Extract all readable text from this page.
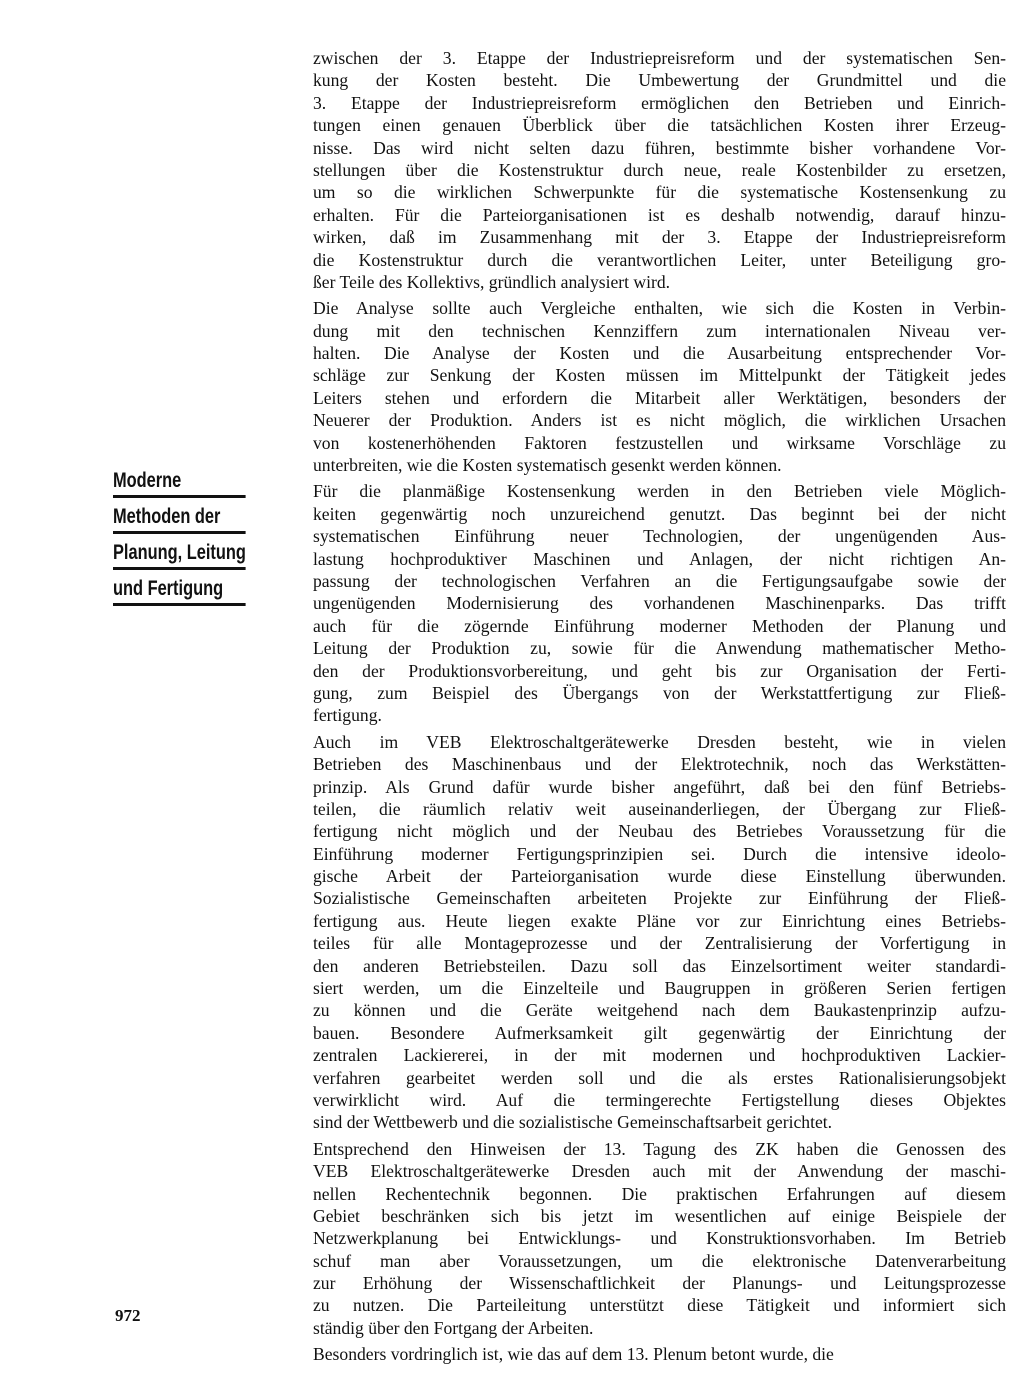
Moderne
Methoden der
Planung, Leitung
und Fertigung
zwischen der 3. Etappe der Industriepreisreform und der systematischen Sen-
kung der Kosten besteht. Die Umbewertung der Grundmittel und die
3. Etappe der Industriepreisreform ermöglichen den Betrieben und Einrich-
tungen einen genauen Überblick über die tatsächlichen Kosten ihrer Erzeug-
nisse. Das wird nicht selten dazu führen, bestimmte bisher vorhandene Vor-
stellungen über die Kostenstruktur durch neue, reale Kostenbilder zu ersetzen,
um so die wirklichen Schwerpunkte für die systematische Kostensenkung zu
erhalten. Für die Parteiorganisationen ist es deshalb notwendig, darauf hinzu-
wirken, daß im Zusammenhang mit der 3. Etappe der Industriepreisreform
die Kostenstruktur durch die verantwortlichen Leiter, unter Beteiligung gro-
ßer Teile des Kollektivs, gründlich analysiert wird.
Die Analyse sollte auch Vergleiche enthalten, wie sich die Kosten in Verbin-
dung mit den technischen Kennziffern zum internationalen Niveau ver-
halten. Die Analyse der Kosten und die Ausarbeitung entsprechender Vor-
schläge zur Senkung der Kosten müssen im Mittelpunkt der Tätigkeit jedes
Leiters stehen und erfordern die Mitarbeit aller Werktätigen, besonders der
Neuerer der Produktion. Anders ist es nicht möglich, die wirklichen Ursachen
von kostenerhöhenden Faktoren festzustellen und wirksame Vorschläge zu
unterbreiten, wie die Kosten systematisch gesenkt werden können.
Für die planmäßige Kostensenkung werden in den Betrieben viele Möglich-
keiten gegenwärtig noch unzureichend genutzt. Das beginnt bei der nicht
systematischen Einführung neuer Technologien, der ungenügenden Aus-
lastung hochproduktiver Maschinen und Anlagen, der nicht richtigen An-
passung der technologischen Verfahren an die Fertigungsaufgabe sowie der
ungenügenden Modernisierung des vorhandenen Maschinenparks. Das trifft
auch für die zögernde Einführung moderner Methoden der Planung und
Leitung der Produktion zu, sowie für die Anwendung mathematischer Metho-
den der Produktionsvorbereitung, und geht bis zur Organisation der Ferti-
gung, zum Beispiel des Übergangs von der Werkstattfertigung zur Fließ-
fertigung.
Auch im VEB Elektroschaltgerätewerke Dresden besteht, wie in vielen
Betrieben des Maschinenbaus und der Elektrotechnik, noch das Werkstätten-
prinzip. Als Grund dafür wurde bisher angeführt, daß bei den fünf Betriebs-
teilen, die räumlich relativ weit auseinanderliegen, der Übergang zur Fließ-
fertigung nicht möglich und der Neubau des Betriebes Voraussetzung für die
Einführung moderner Fertigungsprinzipien sei. Durch die intensive ideolo-
gische Arbeit der Parteiorganisation wurde diese Einstellung überwunden.
Sozialistische Gemeinschaften arbeiteten Projekte zur Einführung der Fließ-
fertigung aus. Heute liegen exakte Pläne vor zur Einrichtung eines Betriebs-
teiles für alle Montageprozesse und der Zentralisierung der Vorfertigung in
den anderen Betriebsteilen. Dazu soll das Einzelsortiment weiter standardi-
siert werden, um die Einzelteile und Baugruppen in größeren Serien fertigen
zu können und die Geräte weitgehend nach dem Baukastenprinzip aufzu-
bauen. Besondere Aufmerksamkeit gilt gegenwärtig der Einrichtung der
zentralen Lackiererei, in der mit modernen und hochproduktiven Lackier-
verfahren gearbeitet werden soll und die als erstes Rationalisierungsobjekt
verwirklicht wird. Auf die termingerechte Fertigstellung dieses Objektes
sind der Wettbewerb und die sozialistische Gemeinschaftsarbeit gerichtet.
Entsprechend den Hinweisen der 13. Tagung des ZK haben die Genossen des
VEB Elektroschaltgerätewerke Dresden auch mit der Anwendung der maschi-
nellen Rechentechnik begonnen. Die praktischen Erfahrungen auf diesem
Gebiet beschränken sich bis jetzt im wesentlichen auf einige Beispiele der
Netzwerkplanung bei Entwicklungs- und Konstruktionsvorhaben. Im Betrieb
schuf man aber Voraussetzungen, um die elektronische Datenverarbeitung
zur Erhöhung der Wissenschaftlichkeit der Planungs- und Leitungsprozesse
zu nutzen. Die Parteileitung unterstützt diese Tätigkeit und informiert sich
ständig über den Fortgang der Arbeiten.
Besonders vordringlich ist, wie das auf dem 13. Plenum betont wurde, die
972
